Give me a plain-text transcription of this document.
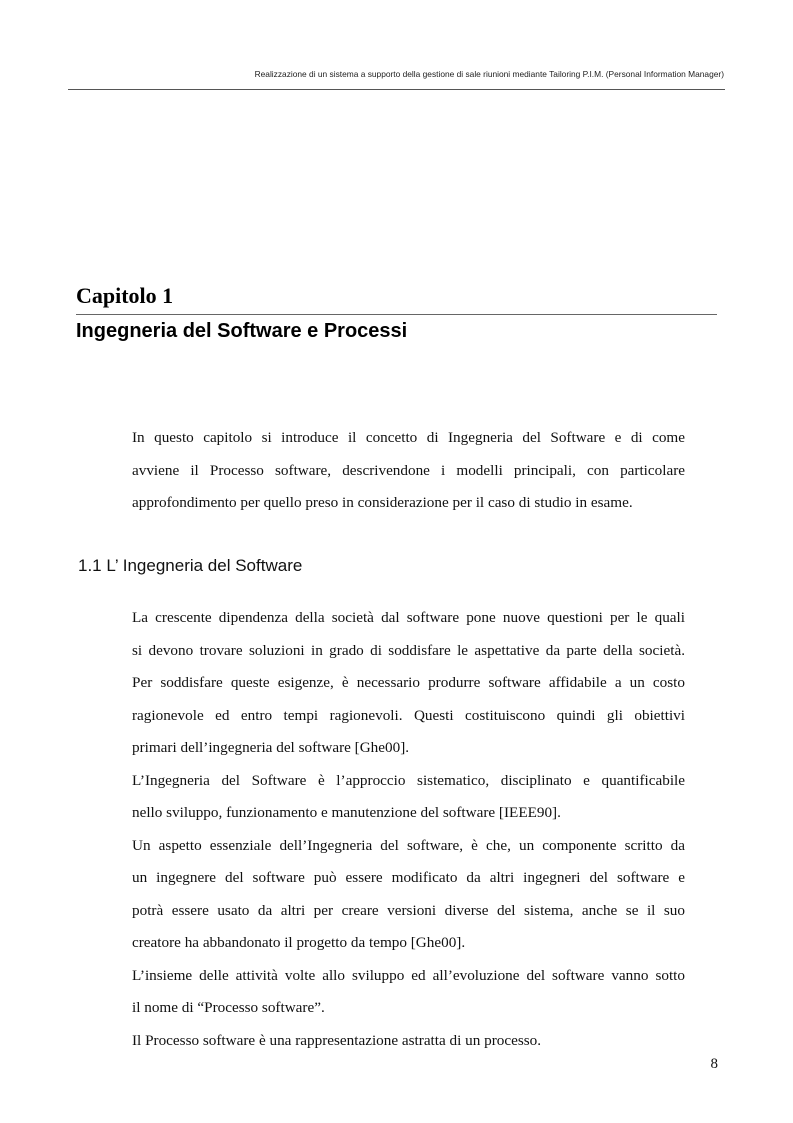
Realizzazione di un sistema a supporto della gestione di sale riunioni mediante Tailoring P.I.M. (Personal Information Manager)
Capitolo 1
Ingegneria del Software e Processi
In questo capitolo si introduce il concetto di Ingegneria del Software e di come
avviene il Processo software, descrivendone i modelli principali, con particolare
approfondimento per quello preso in considerazione per il caso di studio in esame.
1.1 L’ Ingegneria del Software
La crescente dipendenza della società dal software pone nuove questioni per le quali
si devono trovare soluzioni in grado di soddisfare le aspettative da parte della società.
Per soddisfare queste esigenze, è necessario produrre software affidabile a un costo
ragionevole ed entro tempi ragionevoli. Questi costituiscono quindi gli obiettivi
primari dell’ingegneria del software [Ghe00].
L’Ingegneria del Software è l’approccio sistematico, disciplinato e quantificabile
nello sviluppo, funzionamento e manutenzione del software [IEEE90].
Un aspetto essenziale dell’Ingegneria del software, è che, un componente scritto da
un ingegnere del software può essere modificato da altri ingegneri del software e
potrà essere usato da altri per creare versioni diverse del sistema, anche se il suo
creatore ha abbandonato il progetto da tempo [Ghe00].
L’insieme delle attività volte allo sviluppo ed all’evoluzione del software vanno sotto
il nome di “Processo software”.
Il Processo software è una rappresentazione astratta di un processo.
8
